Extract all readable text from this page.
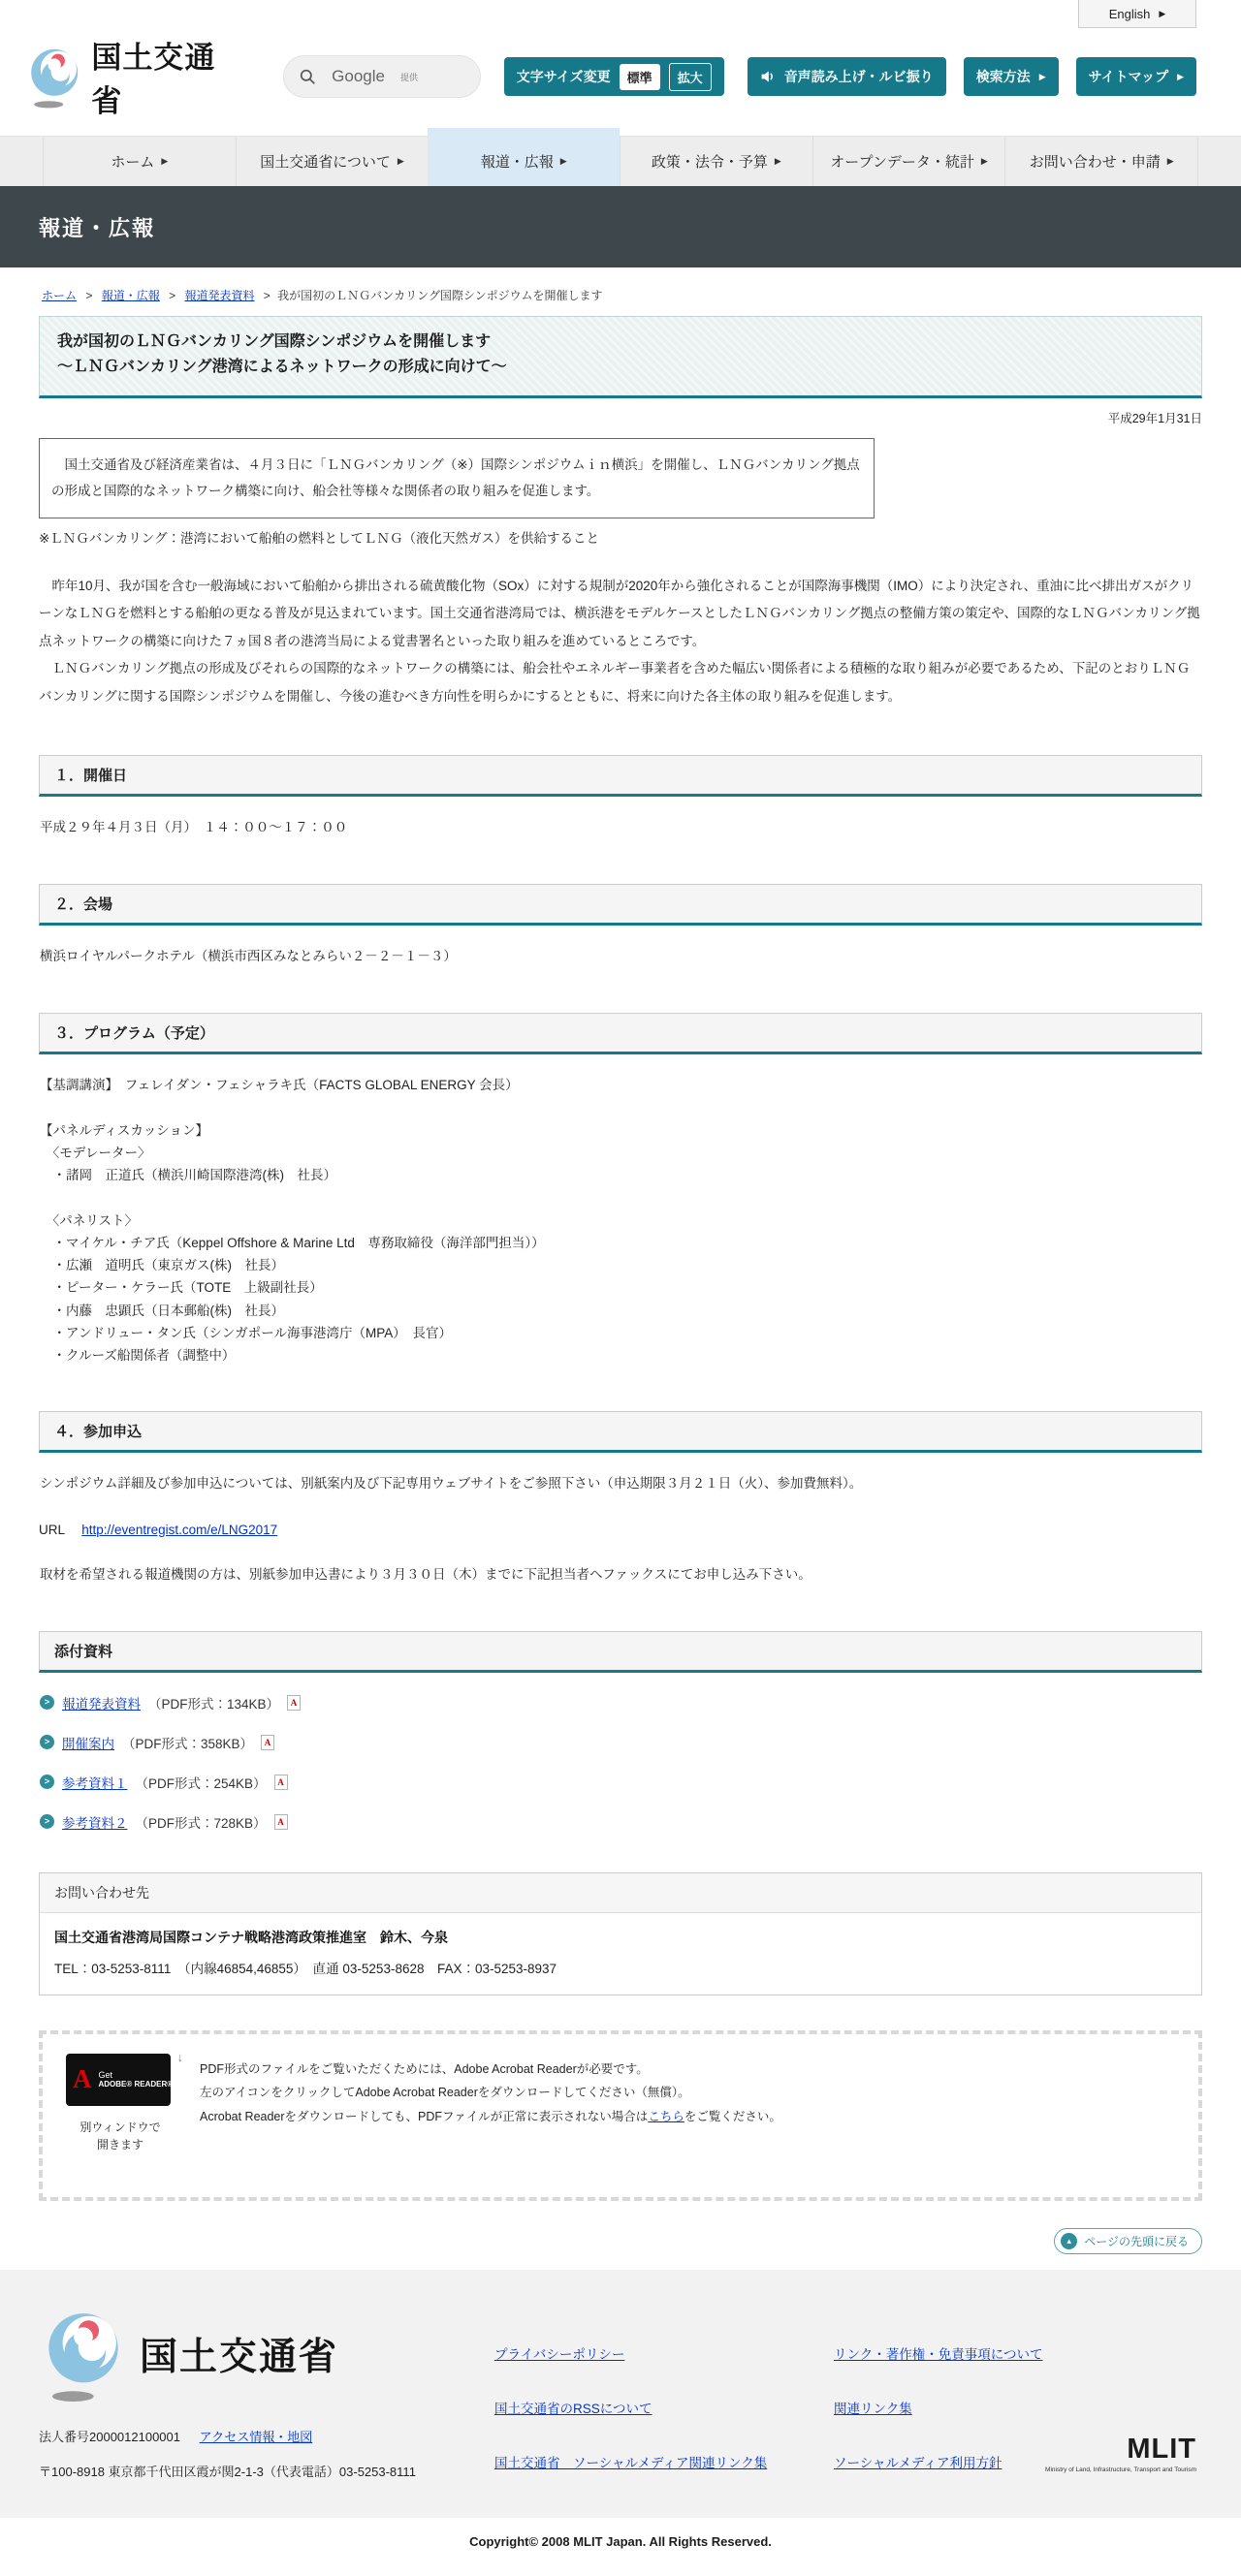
English ▶
国土交通省
Google 提供	文字サイズ変更	標準	拡大	音声読み上げ・ルビ振り	検索方法 ▶	サイトマップ ▶
ホーム ▶	国土交通省について ▶	報道・広報 ▶	政策・法令・予算 ▶	オープンデータ・統計 ▶	お問い合わせ・申請 ▶
報道・広報
ホーム > 報道・広報 > 報道発表資料 > 我が国初のＬＮＧバンカリング国際シンポジウムを開催します
我が国初のＬＮＧバンカリング国際シンポジウムを開催します
～ＬＮＧバンカリング港湾によるネットワークの形成に向けて～
平成29年1月31日
　国土交通省及び経済産業省は、４月３日に「ＬＮＧバンカリング（※）国際シンポジウムｉｎ横浜」を開催し、ＬＮＧバンカリング拠点の形成と国際的なネットワーク構築に向け、船会社等様々な関係者の取り組みを促進します。
※ＬＮＧバンカリング：港湾において船舶の燃料としてＬＮＧ（液化天然ガス）を供給すること
　昨年10月、我が国を含む一般海域において船舶から排出される硫黄酸化物（SOx）に対する規制が2020年から強化されることが国際海事機関（IMO）により決定され、重油に比べ排出ガスがクリーンなＬＮＧを燃料とする船舶の更なる普及が見込まれています。国土交通省港湾局では、横浜港をモデルケースとしたＬＮＧバンカリング拠点の整備方策の策定や、国際的なＬＮＧバンカリング拠点ネットワークの構築に向けた７ヵ国８者の港湾当局による覚書署名といった取り組みを進めているところです。
　ＬＮＧバンカリング拠点の形成及びそれらの国際的なネットワークの構築には、船会社やエネルギー事業者を含めた幅広い関係者による積極的な取り組みが必要であるため、下記のとおりＬＮＧバンカリングに関する国際シンポジウムを開催し、今後の進むべき方向性を明らかにするとともに、将来に向けた各主体の取り組みを促進します。
１．開催日
平成２９年４月３日（月）　１４：００～１７：００
２．会場
横浜ロイヤルパークホテル（横浜市西区みなとみらい２－２－１－３）
３．プログラム（予定）
【基調講演】　フェレイダン・フェシャラキ氏（FACTS GLOBAL ENERGY 会長）

【パネルディスカッション】
　〈モデレーター〉
　・諸岡　正道氏（横浜川崎国際港湾(株)　社長）

　〈パネリスト〉
　・マイケル・チア氏（Keppel Offshore & Marine Ltd　専務取締役（海洋部門担当））
　・広瀬　道明氏（東京ガス(株)　社長）
　・ピーター・ケラー氏（TOTE　上級副社長）
　・内藤　忠顕氏（日本郵船(株)　社長）
　・アンドリュー・タン氏（シンガポール海事港湾庁（MPA）　長官）
　・クルーズ船関係者（調整中）
４．参加申込
シンポジウム詳細及び参加申込については、別紙案内及び下記専用ウェブサイトをご参照下さい（申込期限３月２１日（火）、参加費無料）。
URL http://eventregist.com/e/LNG2017
取材を希望される報道機関の方は、別紙参加申込書により３月３０日（木）までに下記担当者へファックスにてお申し込み下さい。
添付資料
> 報道発表資料 （PDF形式：134KB）	A
> 開催案内 （PDF形式：358KB）	A
> 参考資料１ （PDF形式：254KB）	A
> 参考資料２ （PDF形式：728KB）	A
お問い合わせ先
国土交通省港湾局国際コンテナ戦略港湾政策推進室　鈴木、今泉
TEL：03-5253-8111　（内線46854,46855）　直通 03-5253-8628　FAX：03-5253-8937
A Get
ADOBE® READER®
↓
別ウィンドウで
開きます
PDF形式のファイルをご覧いただくためには、Adobe Acrobat Readerが必要です。
左のアイコンをクリックしてAdobe Acrobat Readerをダウンロードしてください（無償）。
Acrobat Readerをダウンロードしても、PDFファイルが正常に表示されない場合はこちらをご覧ください。
▲ ページの先頭に戻る
国土交通省
法人番号2000012100001 アクセス情報・地図
〒100-8918 東京都千代田区霞が関2-1-3（代表電話）03-5253-8111
プライバシーポリシー
国土交通省のRSSについて
国土交通省　ソーシャルメディア関連リンク集
リンク・著作権・免責事項について
関連リンク集
ソーシャルメディア利用方針	MLIT
Ministry of Land, Infrastructure, Transport and Tourism
Copyright© 2008 MLIT Japan. All Rights Reserved.
